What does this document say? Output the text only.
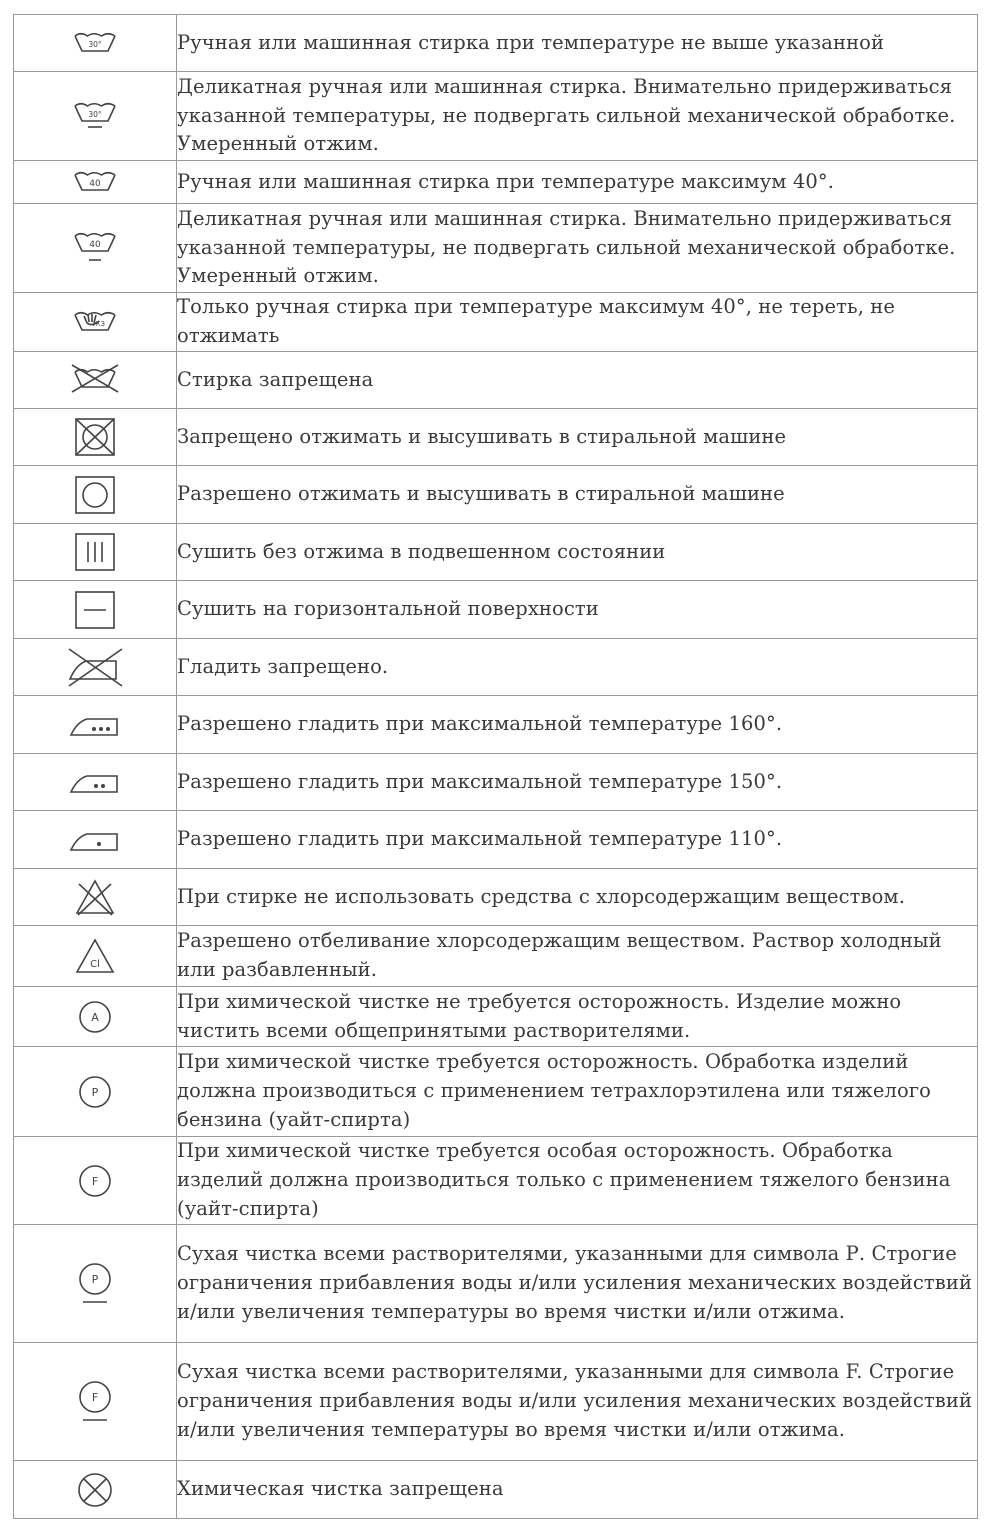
30°	Ручная или машинная стирка при температуре не выше указанной

30°	Деликатная ручная или машинная стирка. Внимательно придерживаться указанной температуры, не подвергать сильной механической обработке. Умеренный отжим.

40	Ручная или машинная стирка при температуре максимум 40°.

40	Деликатная ручная или машинная стирка. Внимательно придерживаться указанной температуры, не подвергать сильной механической обработке. Умеренный отжим.

ЖЗ	Только ручная стирка при температуре максимум 40°, не тереть, не отжимать

	Стирка запрещена

	Запрещено отжимать и высушивать в стиральной машине

	Разрешено отжимать и высушивать в стиральной машине

	Сушить без отжима в подвешенном состоянии

	Сушить на горизонтальной поверхности

	Гладить запрещено.

	Разрешено гладить при максимальной температуре 160°.

	Разрешено гладить при максимальной температуре 150°.

	Разрешено гладить при максимальной температуре 110°.

	При стирке не использовать средства с хлорсодержащим веществом.

Cl	Разрешено отбеливание хлорсодержащим веществом. Раствор холодный или разбавленный.

A	При химической чистке не требуется осторожность. Изделие можно чистить всеми общепринятыми растворителями.

P	При химической чистке требуется осторожность. Обработка изделий должна производиться с применением тетрахлорэтилена или тяжелого бензина (уайт-спирта)

F	При химической чистке требуется особая осторожность. Обработка изделий должна производиться только с применением тяжелого бензина (уайт-спирта)

P	Сухая чистка всеми растворителями, указанными для символа Р. Строгие ограничения прибавления воды и/или усиления механических воздействий и/или увеличения температуры во время чистки и/или отжима.

F	Сухая чистка всеми растворителями, указанными для символа F. Строгие ограничения прибавления воды и/или усиления механических воздействий и/или увеличения температуры во время чистки и/или отжима.

	Химическая чистка запрещена
